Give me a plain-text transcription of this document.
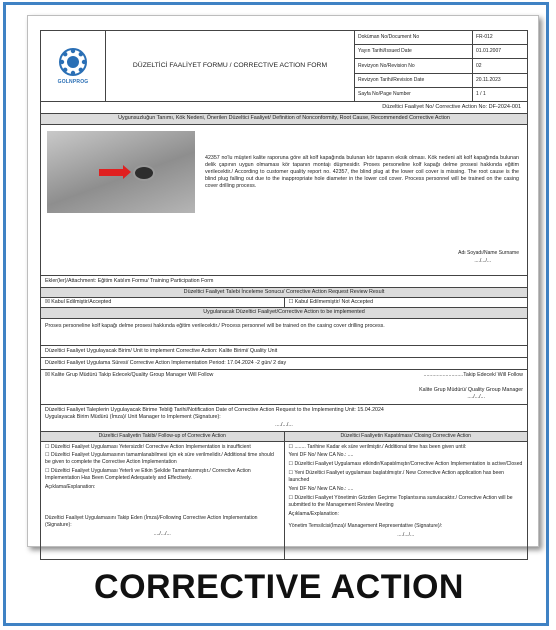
GOLNPROG
DÜZELTİCİ FAALİYET FORMU / CORRECTIVE ACTION FORM
Doküman No/Document No	FR-012
Yayın Tarihi/Issued Date	01.01.2007
Revizyon No/Revision No	02
Revizyon Tarihi/Revision Date	20.11.2023
Sayfa No/Page Number	1 / 1
Düzeltici Faaliyet No/ Corrective Action No: DF-2024-001
Uygunsuzluğun Tanımı, Kök Nedeni, Önerilen Düzeltici Faaliyet/ Definition of Nonconformity, Root Cause, Recommended Corrective Action
42357 no'lu müşteri kalite raporuna göre alt kolf kapağında bulunan kör tapanın eksik olması. Kök nedeni alt kolf kapağında bulunan delik çapının uygun olmaması kör tapanın montajı düşmesidir. Proses personeline kolf kapağı delme prosesi hakkında eğitim verilecektir./ According to customer quality report no. 42357, the blind plug at the lower coil cover is missing. The root cause is the blind plug falling out due to the inappropriate hole diameter in the lower coil cover. Process personnel will be trained on the casing cover drilling process.
Adı Soyadı/Name Surname
..../.../...
Ekler(ler)/Attachment: Eğitim Katılım Formu/ Training Participation Form
Düzeltici Faaliyet Talebi İnceleme Sonucu/ Corrective Action Request Review Result
☒ Kabul Edilmiştir/Accepted	☐ Kabul Edilmemiştir/ Not Accepted
Uygulanacak Düzeltici Faaliyet/Corrective Action to be implemented
Proses personeline kolf kapağı delme prosesi hakkında eğitim verilecektir./ Process personnel will be trained on the casing cover drilling process.
Düzeltici Faaliyet Uygulayacak Birim/ Unit to implement Corrective Action: Kalite Birimi/ Quality Unit
Düzeltici Faaliyet Uygulama Süresi/ Corrective Action Implementation Period: 17.04.2024 -2 gün/ 2 day
☒ Kalite Grup Müdürü Takip Edecek/Quality Group Manager Will Follow	...........................Takip Edecek/ Will Follow
Kalite Grup Müdürü/ Quality Group Manager
..../.../...
Düzeltici Faaliyet Taleplerin Uygulayacak Birime Tebliğ Tarihi/Notification Date of Corrective Action Request to the Implementing Unit: 15.04.2024
Uygulayacak Birim Müdürü (İmza)/ Unit Manager to Implement (Signature):
..../.../...
Düzeltici Faaliyetin Takibi/ Follow-up of Corrective Action

☐ Düzeltici Faaliyet Uygulaması Yetersizdir/ Corrective Action Implementation is insufficient

☐ Düzeltici Faaliyet Uygulamasının tamamlanabilmesi için ek süre verilmelidir./ Additional time should be given to complete the Corrective Action Implementation

☐ Düzeltici Faaliyet Uygulaması Yeterli ve Etkin Şekilde Tamamlanmıştır./ Corrective Action Implementation Has Been Completed Adequately and Effectively.

Açıklama/Explanation:

Düzeltici Faaliyet Uygulamasını Takip Eden (İmza)/Following Corrective Action Implementation (Signature):

..../.../...

Düzeltici Faaliyetin Kapatılması/ Closing Corrective Action

☐ ........ Tarihine Kadar ek süre verilmiştir./ Additional time has been given until:

Yeni DF No/ New CA No.: ....

☐ Düzeltici Faaliyet Uygulaması etkindir/Kapatılmıştır/Corrective Action Implementation is active/Closed

☐ Yeni Düzeltici Faaliyet uygulaması başlatılmıştır./ New Corrective Action application has been launched

Yeni DF No/ New CA No.: ....

☐ Düzeltici Faaliyet Yönetimin Gözden Geçirme Toplantısına sunulacaktır./ Corrective Action will be submitted to the Management Review Meeting

Açıklama/Explanation:

Yönetim Temsilcisi(İmza)/ Management Representative (Signature)/:

..../.../...

CORRECTIVE ACTION
